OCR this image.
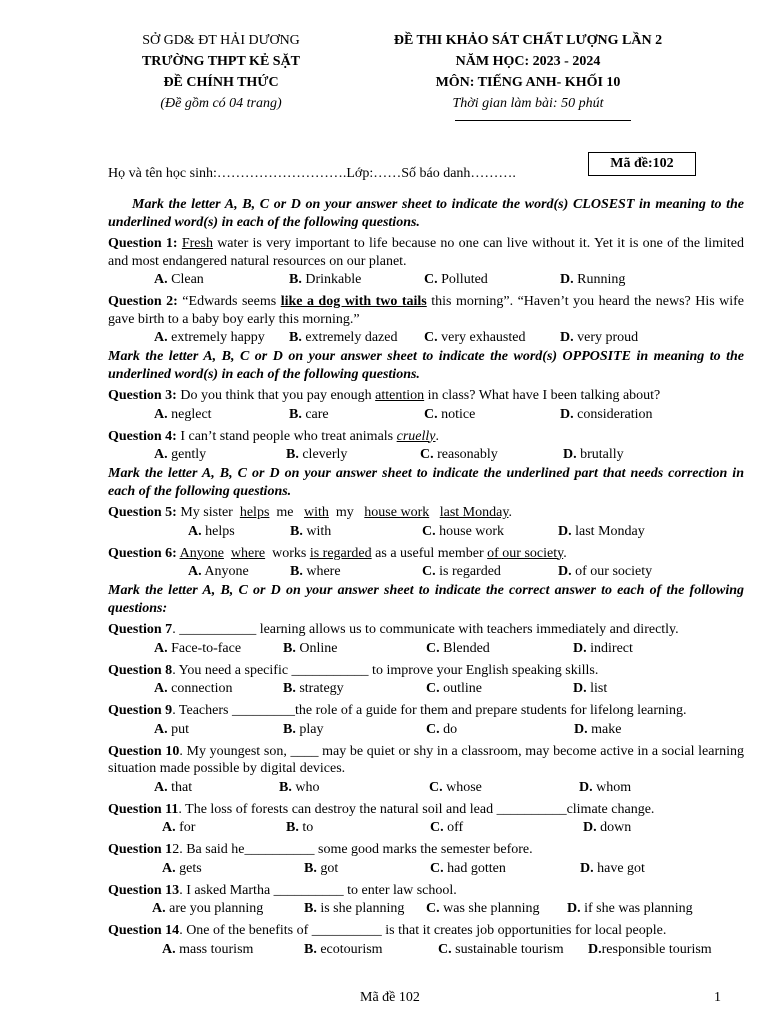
SỞ GD& ĐT HẢI DƯƠNG
TRƯỜNG THPT KẺ SẶT
ĐỀ CHÍNH THỨC
(Đề gồm có 04 trang)
ĐỀ THI KHẢO SÁT CHẤT LƯỢNG LẦN 2
NĂM HỌC: 2023 - 2024
MÔN: TIẾNG ANH- KHỐI 10
Thời gian làm bài: 50 phút
Họ và tên học sinh:……………………….Lớp:……Số báo danh……….
Mã đề:102
Mark the letter A, B, C or D on your answer sheet to indicate the word(s) CLOSEST in meaning to the underlined word(s) in each of the following questions.
Question 1: Fresh water is very important to life because no one can live without it. Yet it is one of the limited and most endangered natural resources on our planet.
A. Clean	B. Drinkable	C. Polluted	D. Running
Question 2: “Edwards seems like a dog with two tails this morning”. “Haven’t you heard the news? His wife gave birth to a baby boy early this morning.”
A. extremely happy B. extremely dazed C. very exhausted D. very proud
Mark the letter A, B, C or D on your answer sheet to indicate the word(s) OPPOSITE in meaning to the underlined word(s) in each of the following questions.
Question 3: Do you think that you pay enough attention in class? What have I been talking about?
A. neglect	B. care	C. notice	D. consideration
Question 4: I can’t stand people who treat animals cruelly.
A. gently	B. cleverly	C. reasonably	D. brutally
Mark the letter A, B, C or D on your answer sheet to indicate the underlined part that needs correction in each of the following questions.
Question 5: My sister  helps  me   with  my   house work last Monday.
A. helps	B. with	C. house work	D. last Monday
Question 6: Anyone where  works is regarded as a useful member of our society.
A. Anyone	B. where	C. is regarded	D. of our society
Mark the letter A, B, C or D on your answer sheet to indicate the correct answer to each of the following questions:
Question 7. ___________ learning allows us to communicate with teachers immediately and directly.
A. Face-to-face	B. Online	C. Blended	D. indirect
Question 8. You need a specific ___________ to improve your English speaking skills.
A. connection	B. strategy	C. outline	D. list
Question 9. Teachers _________the role of a guide for them and prepare students for lifelong learning.
A. put	B. play	C. do	D. make
Question 10. My youngest son, ____ may be quiet or shy in a classroom, may become active in a social learning situation made possible by digital devices.
A. that	B. who	C. whose	D. whom
Question 11. The loss of forests can destroy the natural soil and lead __________climate change.
A. for	B. to	C. off	D. down
Question 12. Ba said he__________ some good marks the semester before.
A. gets	B. got	C. had gotten	D. have got
Question 13. I asked Martha __________ to enter law school.
A. are you planning	B. is she planning C. was she planning D. if she was planning
Question 14. One of the benefits of __________ is that it creates job opportunities for local people.
A. mass tourism	B. ecotourism	C. sustainable tourism D.responsible tourism
Mã đề 102	1
